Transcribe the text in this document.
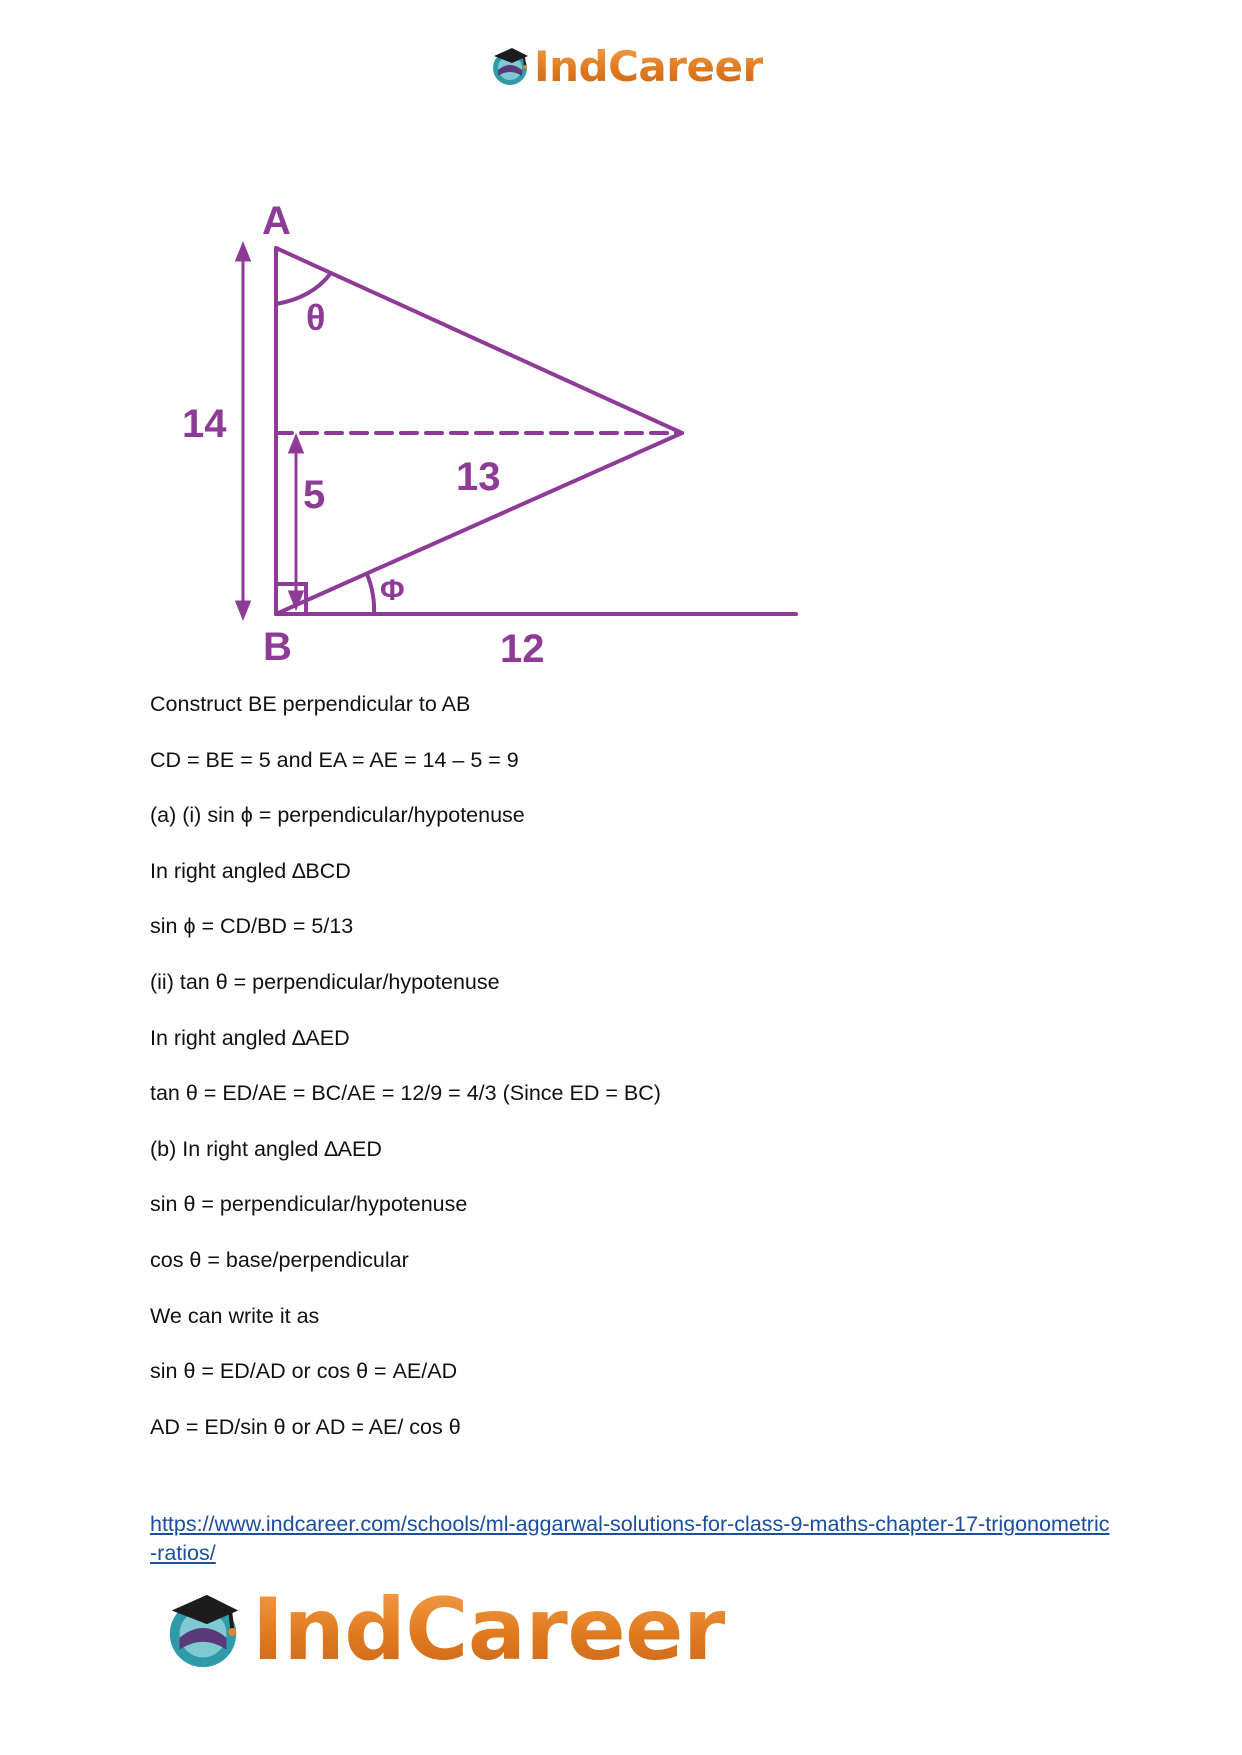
IndCareer
A
B
θ
Φ
14
5	13
12
Construct BE perpendicular to AB
CD = BE = 5 and EA = AE = 14 – 5 = 9
(a) (i) sin ϕ = perpendicular/hypotenuse
In right angled ∆BCD
sin ϕ = CD/BD = 5/13
(ii) tan θ = perpendicular/hypotenuse
In right angled ∆AED
tan θ = ED/AE = BC/AE = 12/9 = 4/3 (Since ED = BC)
(b) In right angled ∆AED
sin θ = perpendicular/hypotenuse
cos θ = base/perpendicular
We can write it as
sin θ = ED/AD or cos θ = AE/AD
AD = ED/sin θ or AD = AE/ cos θ
https://www.indcareer.com/schools/ml-aggarwal-solutions-for-class-9-maths-chapter-17-trigonometric-ratios/
IndCareer
